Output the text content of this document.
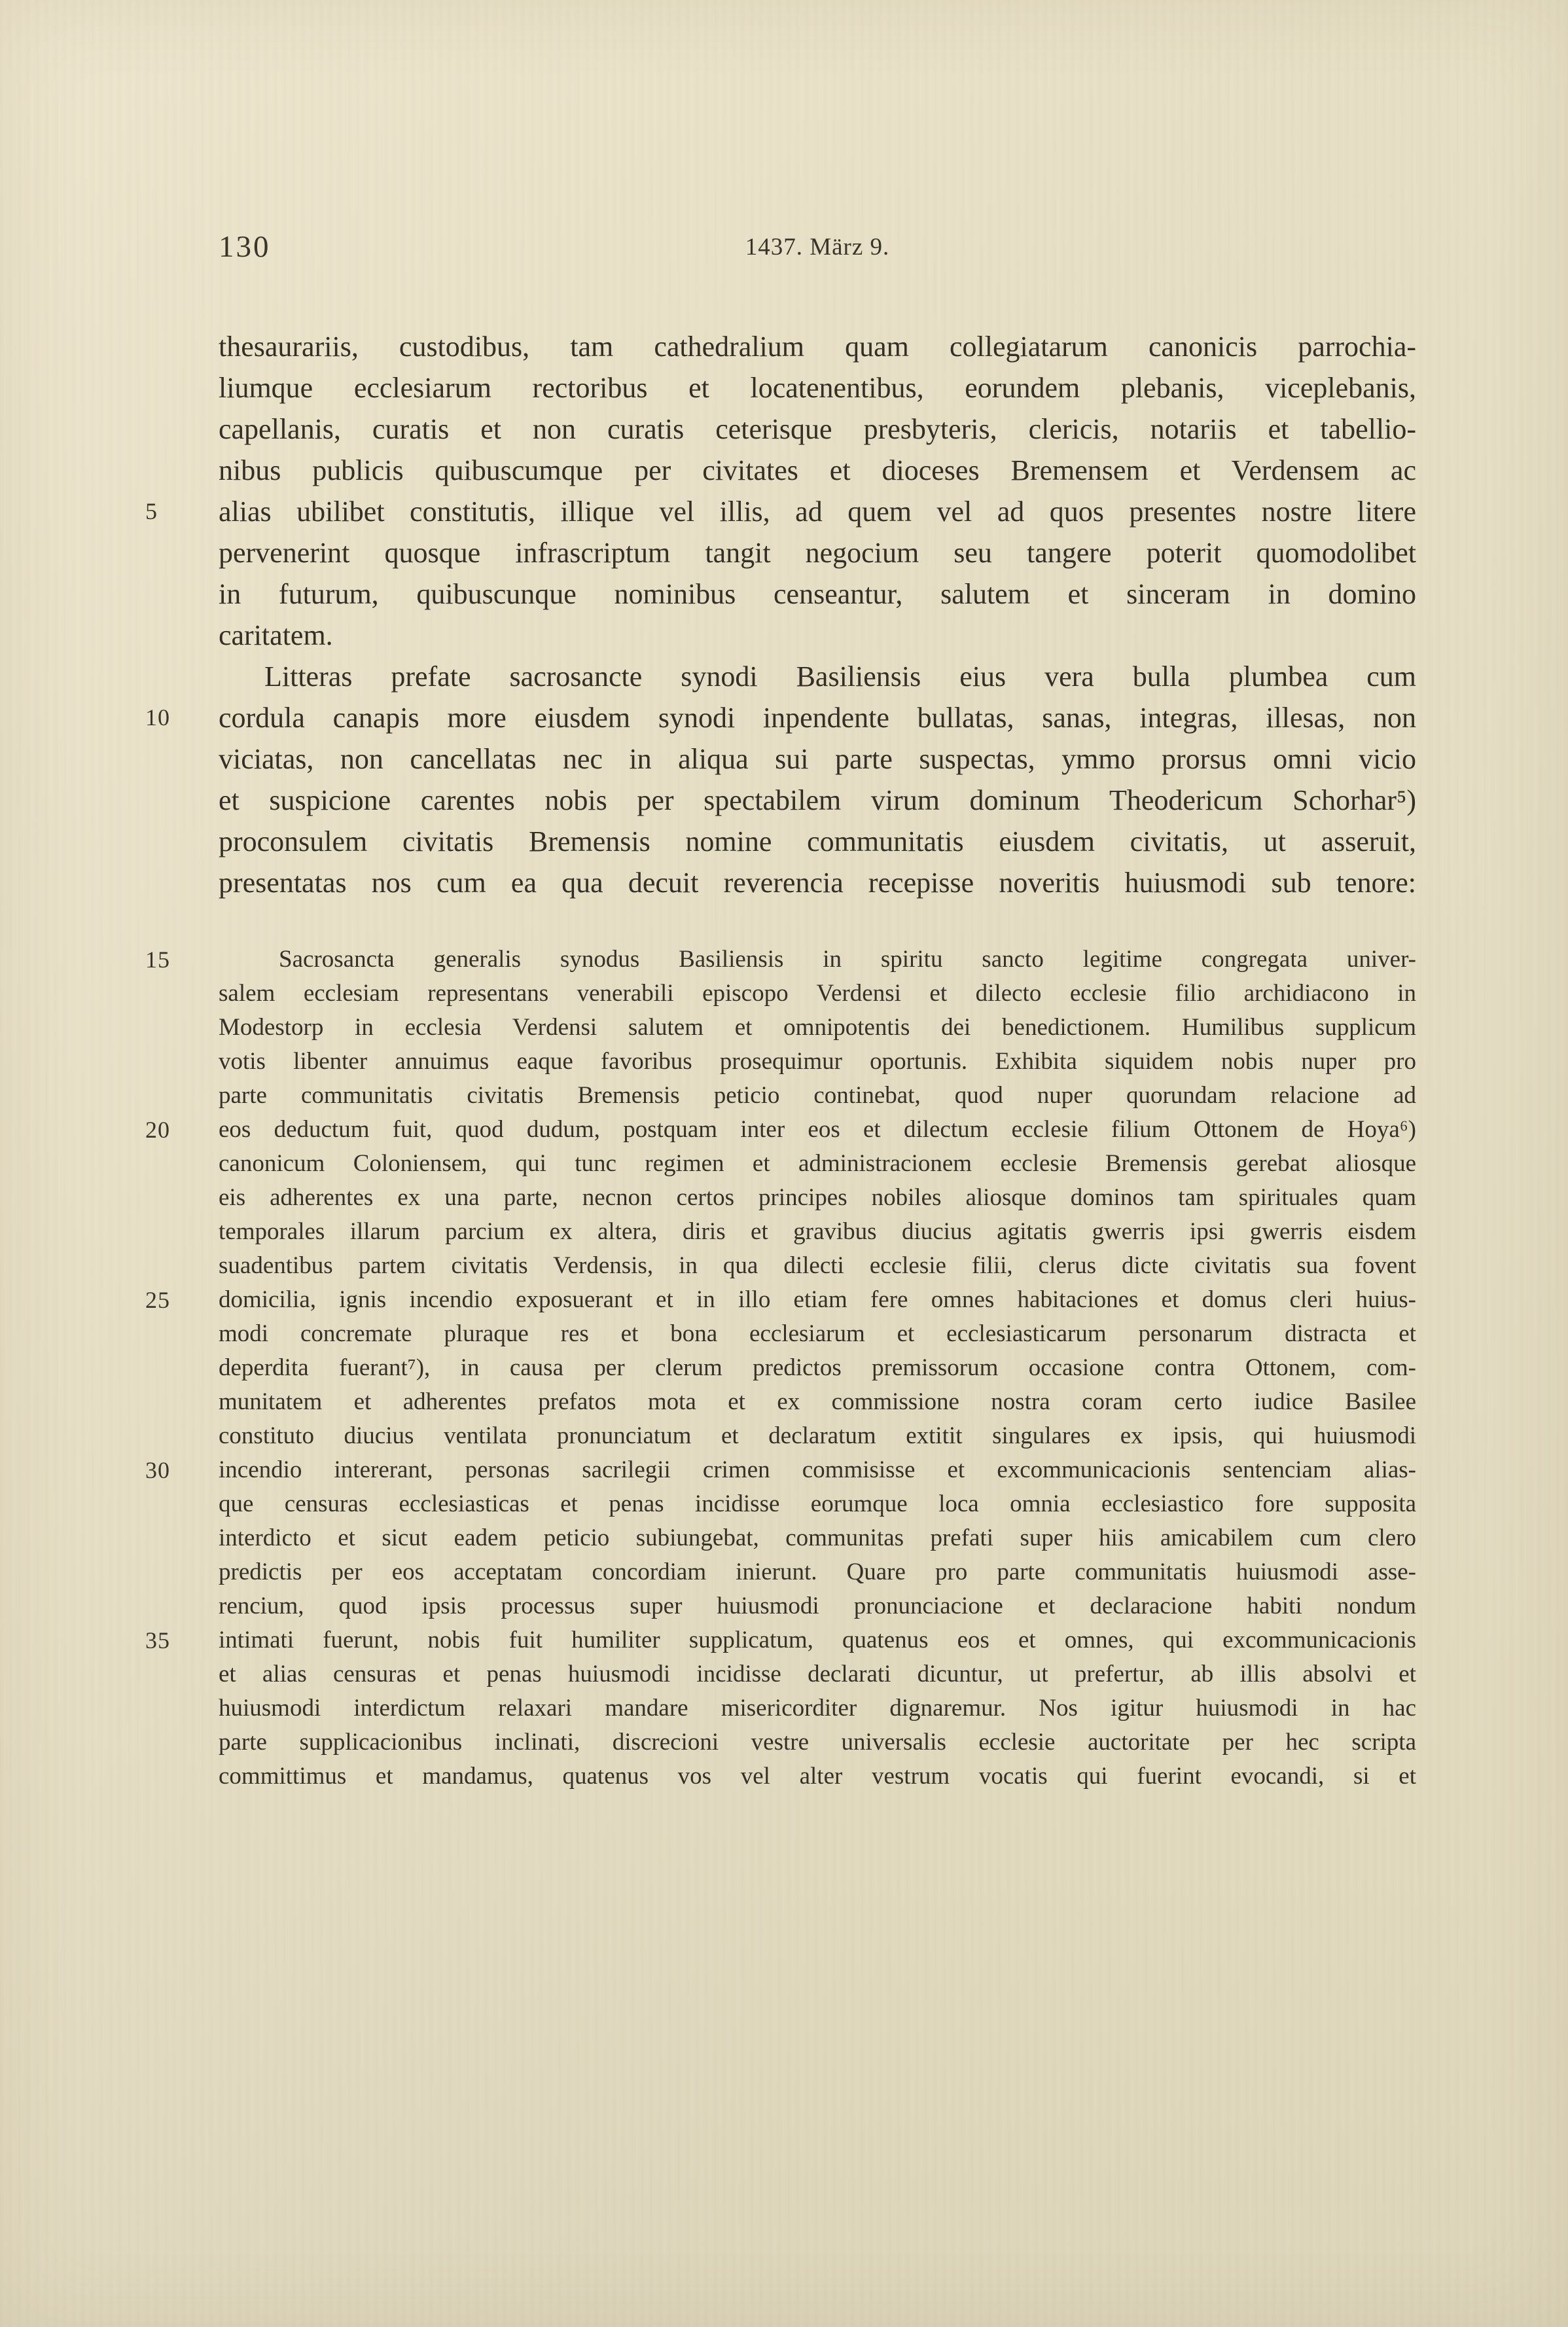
130	1437. März 9.
thesaurariis, custodibus, tam cathedralium quam collegiatarum canonicis parrochia-
liumque ecclesiarum rectoribus et locatenentibus, eorundem plebanis, viceplebanis,
capellanis, curatis et non curatis ceterisque presbyteris, clericis, notariis et tabellio-
nibus publicis quibuscumque per civitates et dioceses Bremensem et Verdensem ac
5	alias ubilibet constitutis, illique vel illis, ad quem vel ad quos presentes nostre litere
pervenerint quosque infrascriptum tangit negocium seu tangere poterit quomodolibet
in futurum, quibuscunque nominibus censeantur, salutem et sinceram in domino
caritatem.
Litteras prefate sacrosancte synodi Basiliensis eius vera bulla plumbea cum
10	cordula canapis more eiusdem synodi inpendente bullatas, sanas, integras, illesas, non
viciatas, non cancellatas nec in aliqua sui parte suspectas, ymmo prorsus omni vicio
et suspicione carentes nobis per spectabilem virum dominum Theodericum Schorhar⁵)
proconsulem civitatis Bremensis nomine communitatis eiusdem civitatis, ut asseruit,
presentatas nos cum ea qua decuit reverencia recepisse noveritis huiusmodi sub tenore:
15	Sacrosancta generalis synodus Basiliensis in spiritu sancto legitime congregata univer-
salem ecclesiam representans venerabili episcopo Verdensi et dilecto ecclesie filio archidiacono in
Modestorp in ecclesia Verdensi salutem et omnipotentis dei benedictionem. Humilibus supplicum
votis libenter annuimus eaque favoribus prosequimur oportunis. Exhibita siquidem nobis nuper pro
parte communitatis civitatis Bremensis peticio continebat, quod nuper quorundam relacione ad
20	eos deductum fuit, quod dudum, postquam inter eos et dilectum ecclesie filium Ottonem de Hoya⁶)
canonicum Coloniensem, qui tunc regimen et administracionem ecclesie Bremensis gerebat aliosque
eis adherentes ex una parte, necnon certos principes nobiles aliosque dominos tam spirituales quam
temporales illarum parcium ex altera, diris et gravibus diucius agitatis gwerris ipsi gwerris eisdem
suadentibus partem civitatis Verdensis, in qua dilecti ecclesie filii, clerus dicte civitatis sua fovent
25	domicilia, ignis incendio exposuerant et in illo etiam fere omnes habitaciones et domus cleri huius-
modi concremate pluraque res et bona ecclesiarum et ecclesiasticarum personarum distracta et
deperdita fuerant⁷), in causa per clerum predictos premissorum occasione contra Ottonem, com-
munitatem et adherentes prefatos mota et ex commissione nostra coram certo iudice Basilee
constituto diucius ventilata pronunciatum et declaratum extitit singulares ex ipsis, qui huiusmodi
30	incendio intererant, personas sacrilegii crimen commisisse et excommunicacionis sentenciam alias-
que censuras ecclesiasticas et penas incidisse eorumque loca omnia ecclesiastico fore supposita
interdicto et sicut eadem peticio subiungebat, communitas prefati super hiis amicabilem cum clero
predictis per eos acceptatam concordiam inierunt. Quare pro parte communitatis huiusmodi asse-
rencium, quod ipsis processus super huiusmodi pronunciacione et declaracione habiti nondum
35	intimati fuerunt, nobis fuit humiliter supplicatum, quatenus eos et omnes, qui excommunicacionis
et alias censuras et penas huiusmodi incidisse declarati dicuntur, ut prefertur, ab illis absolvi et
huiusmodi interdictum relaxari mandare misericorditer dignaremur. Nos igitur huiusmodi in hac
parte supplicacionibus inclinati, discrecioni vestre universalis ecclesie auctoritate per hec scripta
committimus et mandamus, quatenus vos vel alter vestrum vocatis qui fuerint evocandi, si et
